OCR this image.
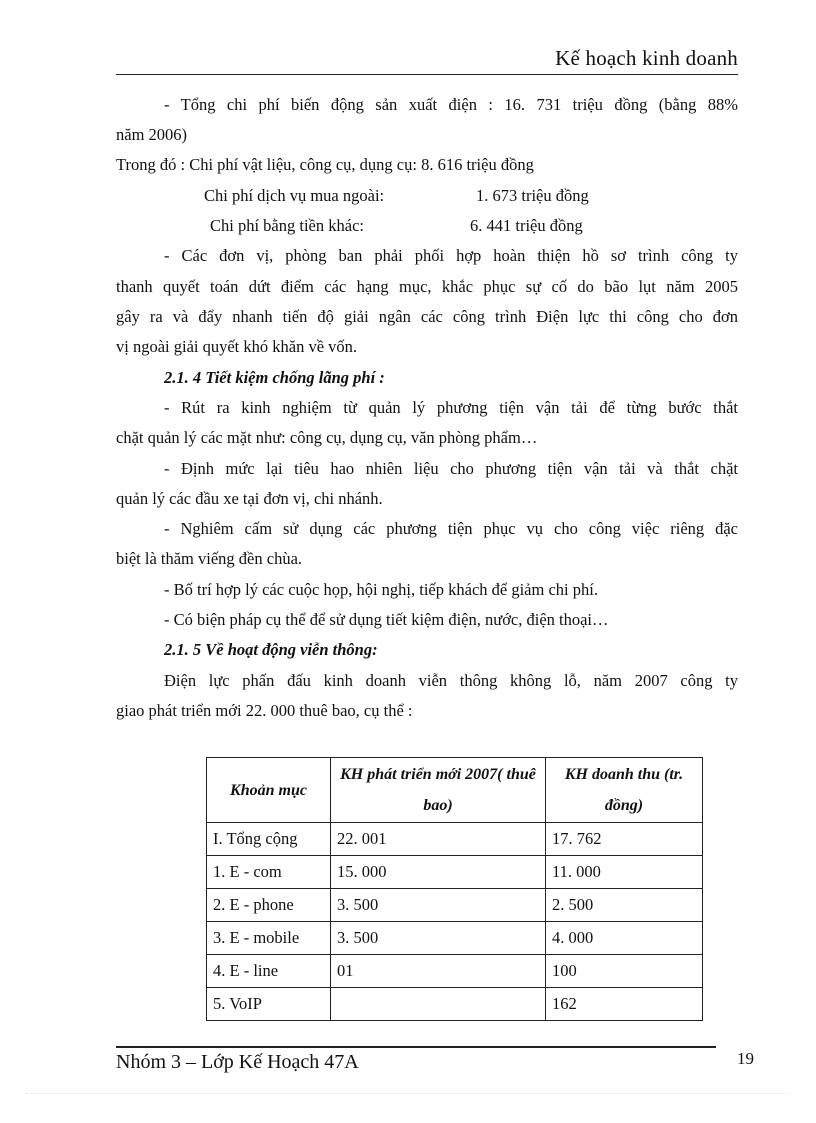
Kế hoạch kinh doanh
- Tổng chi phí biến động sản xuất điện : 16. 731 triệu đồng (bằng 88%
năm 2006)
Trong đó : Chi phí vật liệu, công cụ, dụng cụ: 8. 616 triệu đồng
Chi phí dịch vụ mua ngoài:	1. 673 triệu đồng
Chi phí bằng tiền khác:	6. 441 triệu đồng
- Các đơn vị, phòng ban phải phối hợp hoàn thiện hồ sơ trình công ty
thanh quyết toán dứt điểm các hạng mục, khắc phục sự cố do bão lụt năm 2005
gây ra và đẩy nhanh tiến độ giải ngân các công trình Điện lực thi công cho đơn
vị ngoài giải quyết khó khăn về vốn.
2.1. 4 Tiết kiệm chống lãng phí :
- Rút ra kinh nghiệm từ quản lý phương tiện vận tải để từng bước thắt
chặt quản lý các mặt như: công cụ, dụng cụ, văn phòng phẩm…
- Định mức lại tiêu hao nhiên liệu cho phương tiện vận tải và thắt chặt
quản lý các đầu xe tại đơn vị, chi nhánh.
- Nghiêm cấm sử dụng các phương tiện phục vụ cho công việc riêng đặc
biệt là thăm viếng đền chùa.
- Bố trí hợp lý các cuộc họp, hội nghị, tiếp khách để giảm chi phí.
- Có biện pháp cụ thể để sử dụng tiết kiệm điện, nước, điện thoại…
2.1. 5 Về hoạt động viễn thông:
Điện lực phấn đấu kinh doanh viễn thông không lỗ, năm 2007 công ty
giao phát triển mới 22. 000 thuê bao, cụ thể :
Khoản mục	KH phát triển mới 2007( thuê bao)	KH doanh thu (tr. đồng)
I. Tổng cộng	22. 001	17. 762
1. E - com	15. 000	11. 000
2. E - phone	3. 500	2. 500
3. E - mobile	3. 500	4. 000
4. E - line	01	100
5. VoIP		162
Nhóm 3 – Lớp Kế Hoạch 47A	19
